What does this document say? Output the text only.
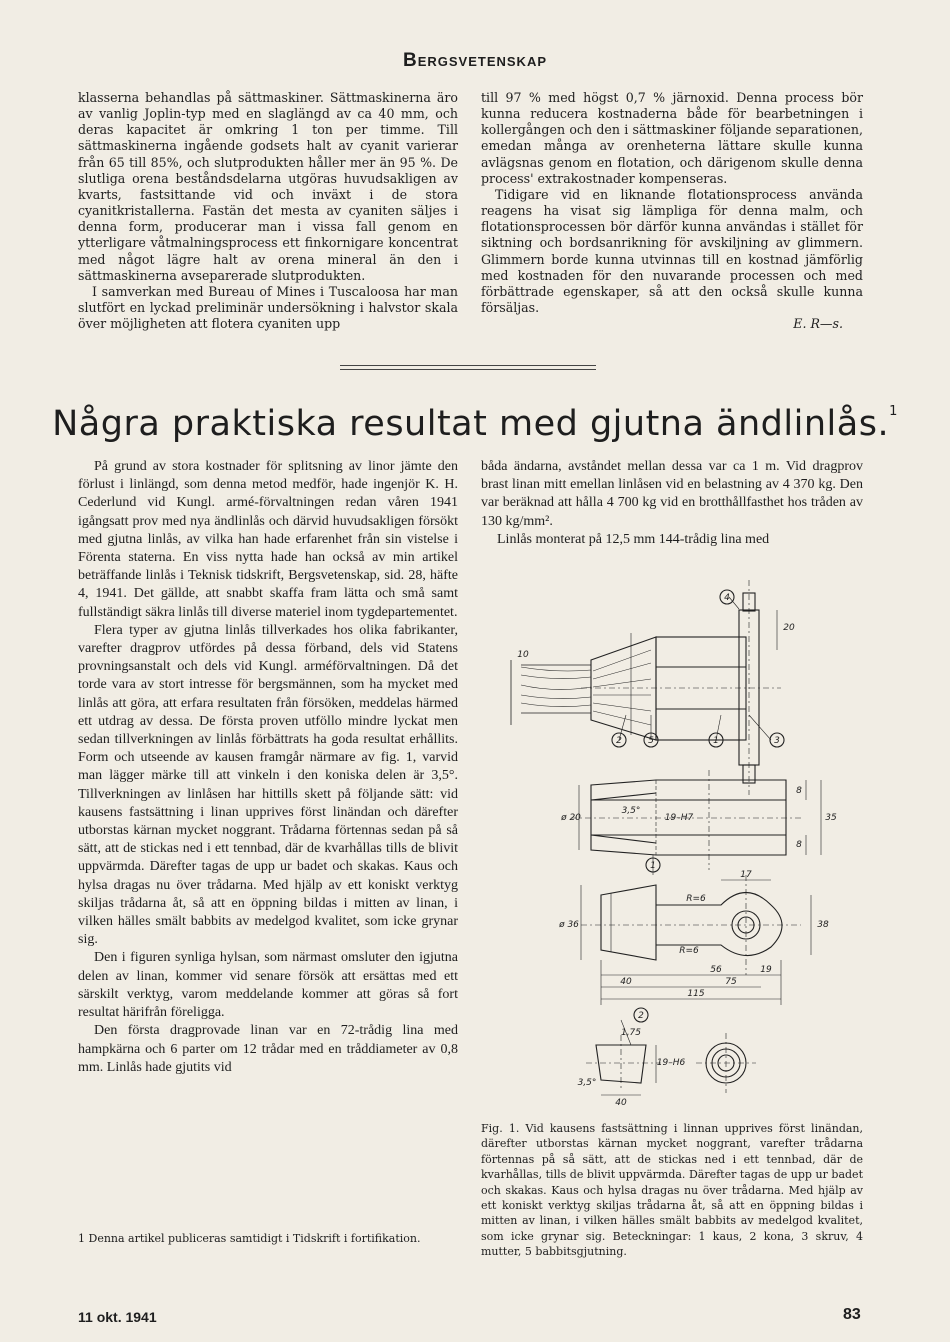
Bergsvetenskap

klasserna behandlas på sättmaskiner. Sättmaskinerna äro av vanlig Joplin-typ med en slaglängd av ca 40 mm, och deras kapacitet är omkring 1 ton per timme. Till sättmaskinerna ingående godsets halt av cyanit varierar från 65 till 85%, och slutprodukten håller mer än 95 %. De slutliga orena beståndsdelarna utgöras huvudsakligen av kvarts, fastsittande vid och inväxt i de stora cyanitkristallerna. Fastän det mesta av cyaniten säljes i denna form, producerar man i vissa fall genom en ytterligare våtmalningsprocess ett finkornigare koncentrat med något lägre halt av orena mineral än den i sättmaskinerna avseparerade slutprodukten.

I samverkan med Bureau of Mines i Tuscaloosa har man slutfört en lyckad preliminär undersökning i halvstor skala över möjligheten att flotera cyaniten upp

till 97 % med högst 0,7 % järnoxid. Denna process bör kunna reducera kostnaderna både för bearbetningen i kollergången och den i sättmaskiner följande separationen, emedan många av orenheterna lättare skulle kunna avlägsnas genom en flotation, och därigenom skulle denna process' extrakostnader kompenseras.

Tidigare vid en liknande flotationsprocess använda reagens ha visat sig lämpliga för denna malm, och flotationsprocessen bör därför kunna användas i stället för siktning och bordsanrikning för avskiljning av glimmern. Glimmern borde kunna utvinnas till en kostnad jämförlig med kostnaden för den nuvarande processen och med förbättrade egenskaper, så att den också skulle kunna försäljas.

E. R—s.
Några praktiska resultat med gjutna ändlinlås.$^1$

På grund av stora kostnader för splitsning av linor jämte den förlust i linlängd, som denna metod medför, hade ingenjör K. H. Cederlund vid Kungl. armé-förvaltningen redan våren 1941 igångsatt prov med nya ändlinlås och därvid huvudsakligen försökt med gjutna linlås, av vilka han hade erfarenhet från sin vistelse i Förenta staterna. En viss nytta hade han också av min artikel beträffande linlås i Teknisk tidskrift, Bergsvetenskap, sid. 28, häfte 4, 1941. Det gällde, att snabbt skaffa fram lätta och små samt fullständigt säkra linlås till diverse materiel inom tygdepartementet.

Flera typer av gjutna linlås tillverkades hos olika fabrikanter, varefter dragprov utfördes på dessa förband, dels vid Statens provningsanstalt och dels vid Kungl. arméförvaltningen. Då det torde vara av stort intresse för bergsmännen, som ha mycket med linlås att göra, att erfara resultaten från försöken, meddelas härmed ett utdrag av dessa. De första proven utföllo mindre lyckat men sedan tillverkningen av linlås förbättrats ha goda resultat erhållits. Form och utseende av kausen framgår närmare av fig. 1, varvid man lägger märke till att vinkeln i den koniska delen är 3,5°. Tillverkningen av linlåsen har hittills skett på följande sätt: vid kausens fastsättning i linan upprives först linändan och därefter utborstas kärnan mycket noggrant. Trådarna förtennas sedan på så sätt, att de stickas ned i ett tennbad, där de kvarhållas tills de blivit uppvärmda. Därefter tagas de upp ur badet och skakas. Kaus och hylsa dragas nu över trådarna. Med hjälp av ett koniskt verktyg skiljas trådarna åt, så att en öppning bildas i mitten av linan, i vilken hälles smält babbits av medelgod kvalitet, som icke grynar sig.

Den i figuren synliga hylsan, som närmast omsluter den igjutna delen av linan, kommer vid senare försök att ersättas med ett särskilt verktyg, varom meddelande kommer att göras så fort resultat härifrån föreligga.

Den första dragprovade linan var en 72-trådig lina med hampkärna och 6 parter om 12 trådar med en tråddiameter av 0,8 mm. Linlås hade gjutits vid

båda ändarna, avståndet mellan dessa var ca 1 m. Vid dragprov brast linan mitt emellan linlåsen vid en belastning av 4 370 kg. Den var beräknad att hålla 4 700 kg vid en brotthållfasthet hos tråden av 130 kg/mm².

Linlås monterat på 12,5 mm 144-trådig lina med

4
2	5	1	3
1
2
10
20
ø 20
3,5°
19–H7
8
35
8
17
R=6
ø 36
R=6
38
56	19
40	75
115
1,75
19–H6
3,5°
40
Fig. 1. Vid kausens fastsättning i linnan upprives först linändan, därefter utborstas kärnan mycket noggrant, varefter trådarna förtennas på så sätt, att de stickas ned i ett tennbad, där de kvarhållas, tills de blivit uppvärmda. Därefter tagas de upp ur badet och skakas. Kaus och hylsa dragas nu över trådarna. Med hjälp av ett koniskt verktyg skiljas trådarna åt, så att en öppning bildas i mitten av linan, i vilken hälles smält babbits av medelgod kvalitet, som icke grynar sig. Beteckningar: 1 kaus, 2 kona, 3 skruv, 4 mutter, 5 babbitsgjutning.
1 Denna artikel publiceras samtidigt i Tidskrift i fortifikation.
11 okt. 1941	83
